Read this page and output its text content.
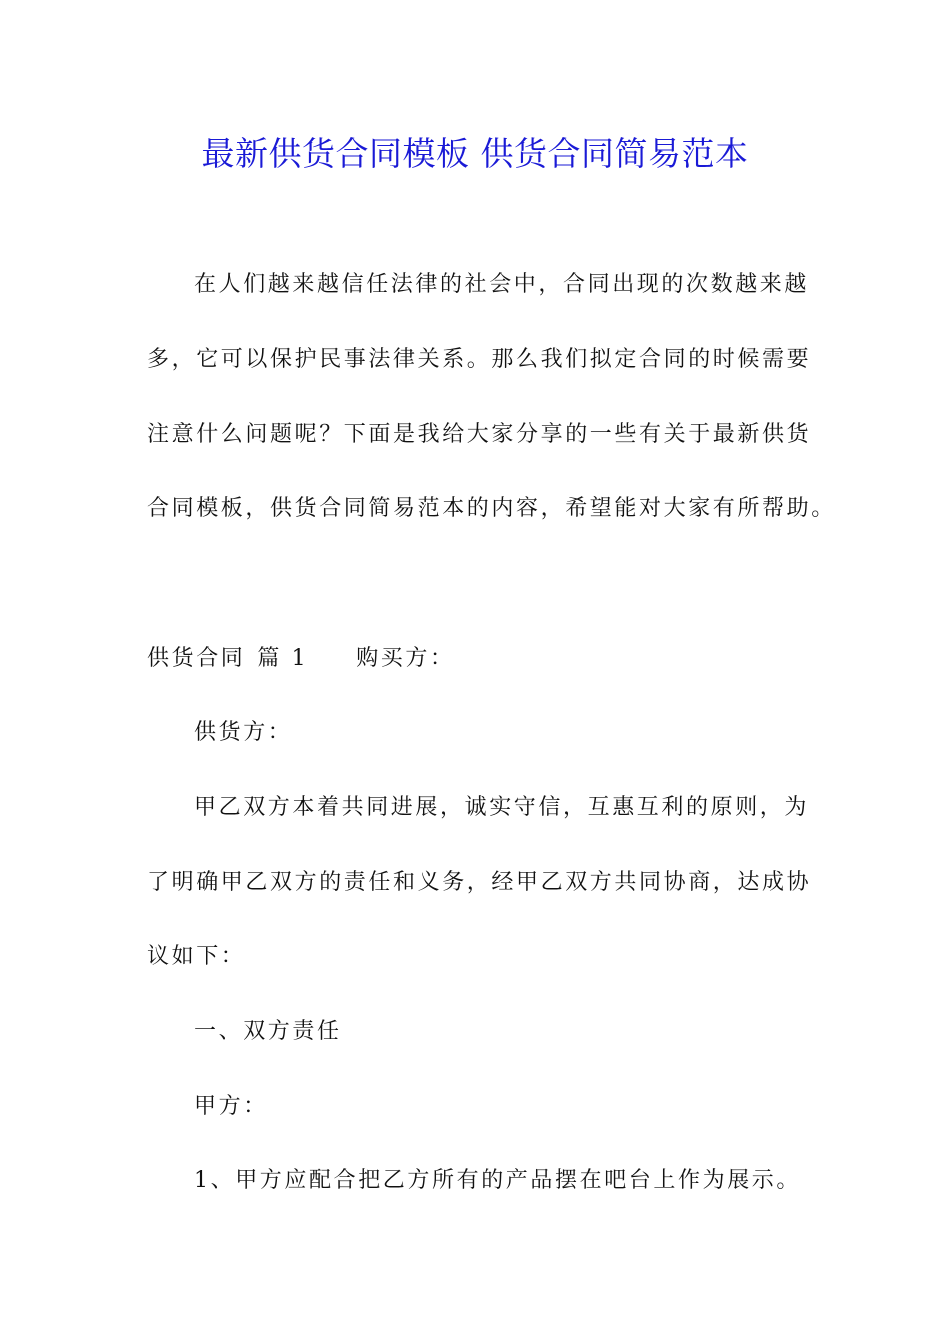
最新供货合同模板 供货合同简易范本
在人们越来越信任法律的社会中，合同出现的次数越来越
多，它可以保护民事法律关系。那么我们拟定合同的时候需要
注意什么问题呢？下面是我给大家分享的一些有关于最新供货
合同模板，供货合同简易范本的内容，希望能对大家有所帮助。
供货合同 篇 1 购买方：
供货方：
甲乙双方本着共同进展，诚实守信，互惠互利的原则，为
了明确甲乙双方的责任和义务，经甲乙双方共同协商，达成协
议如下：
一、双方责任
甲方：
1、甲方应配合把乙方所有的产品摆在吧台上作为展示。
